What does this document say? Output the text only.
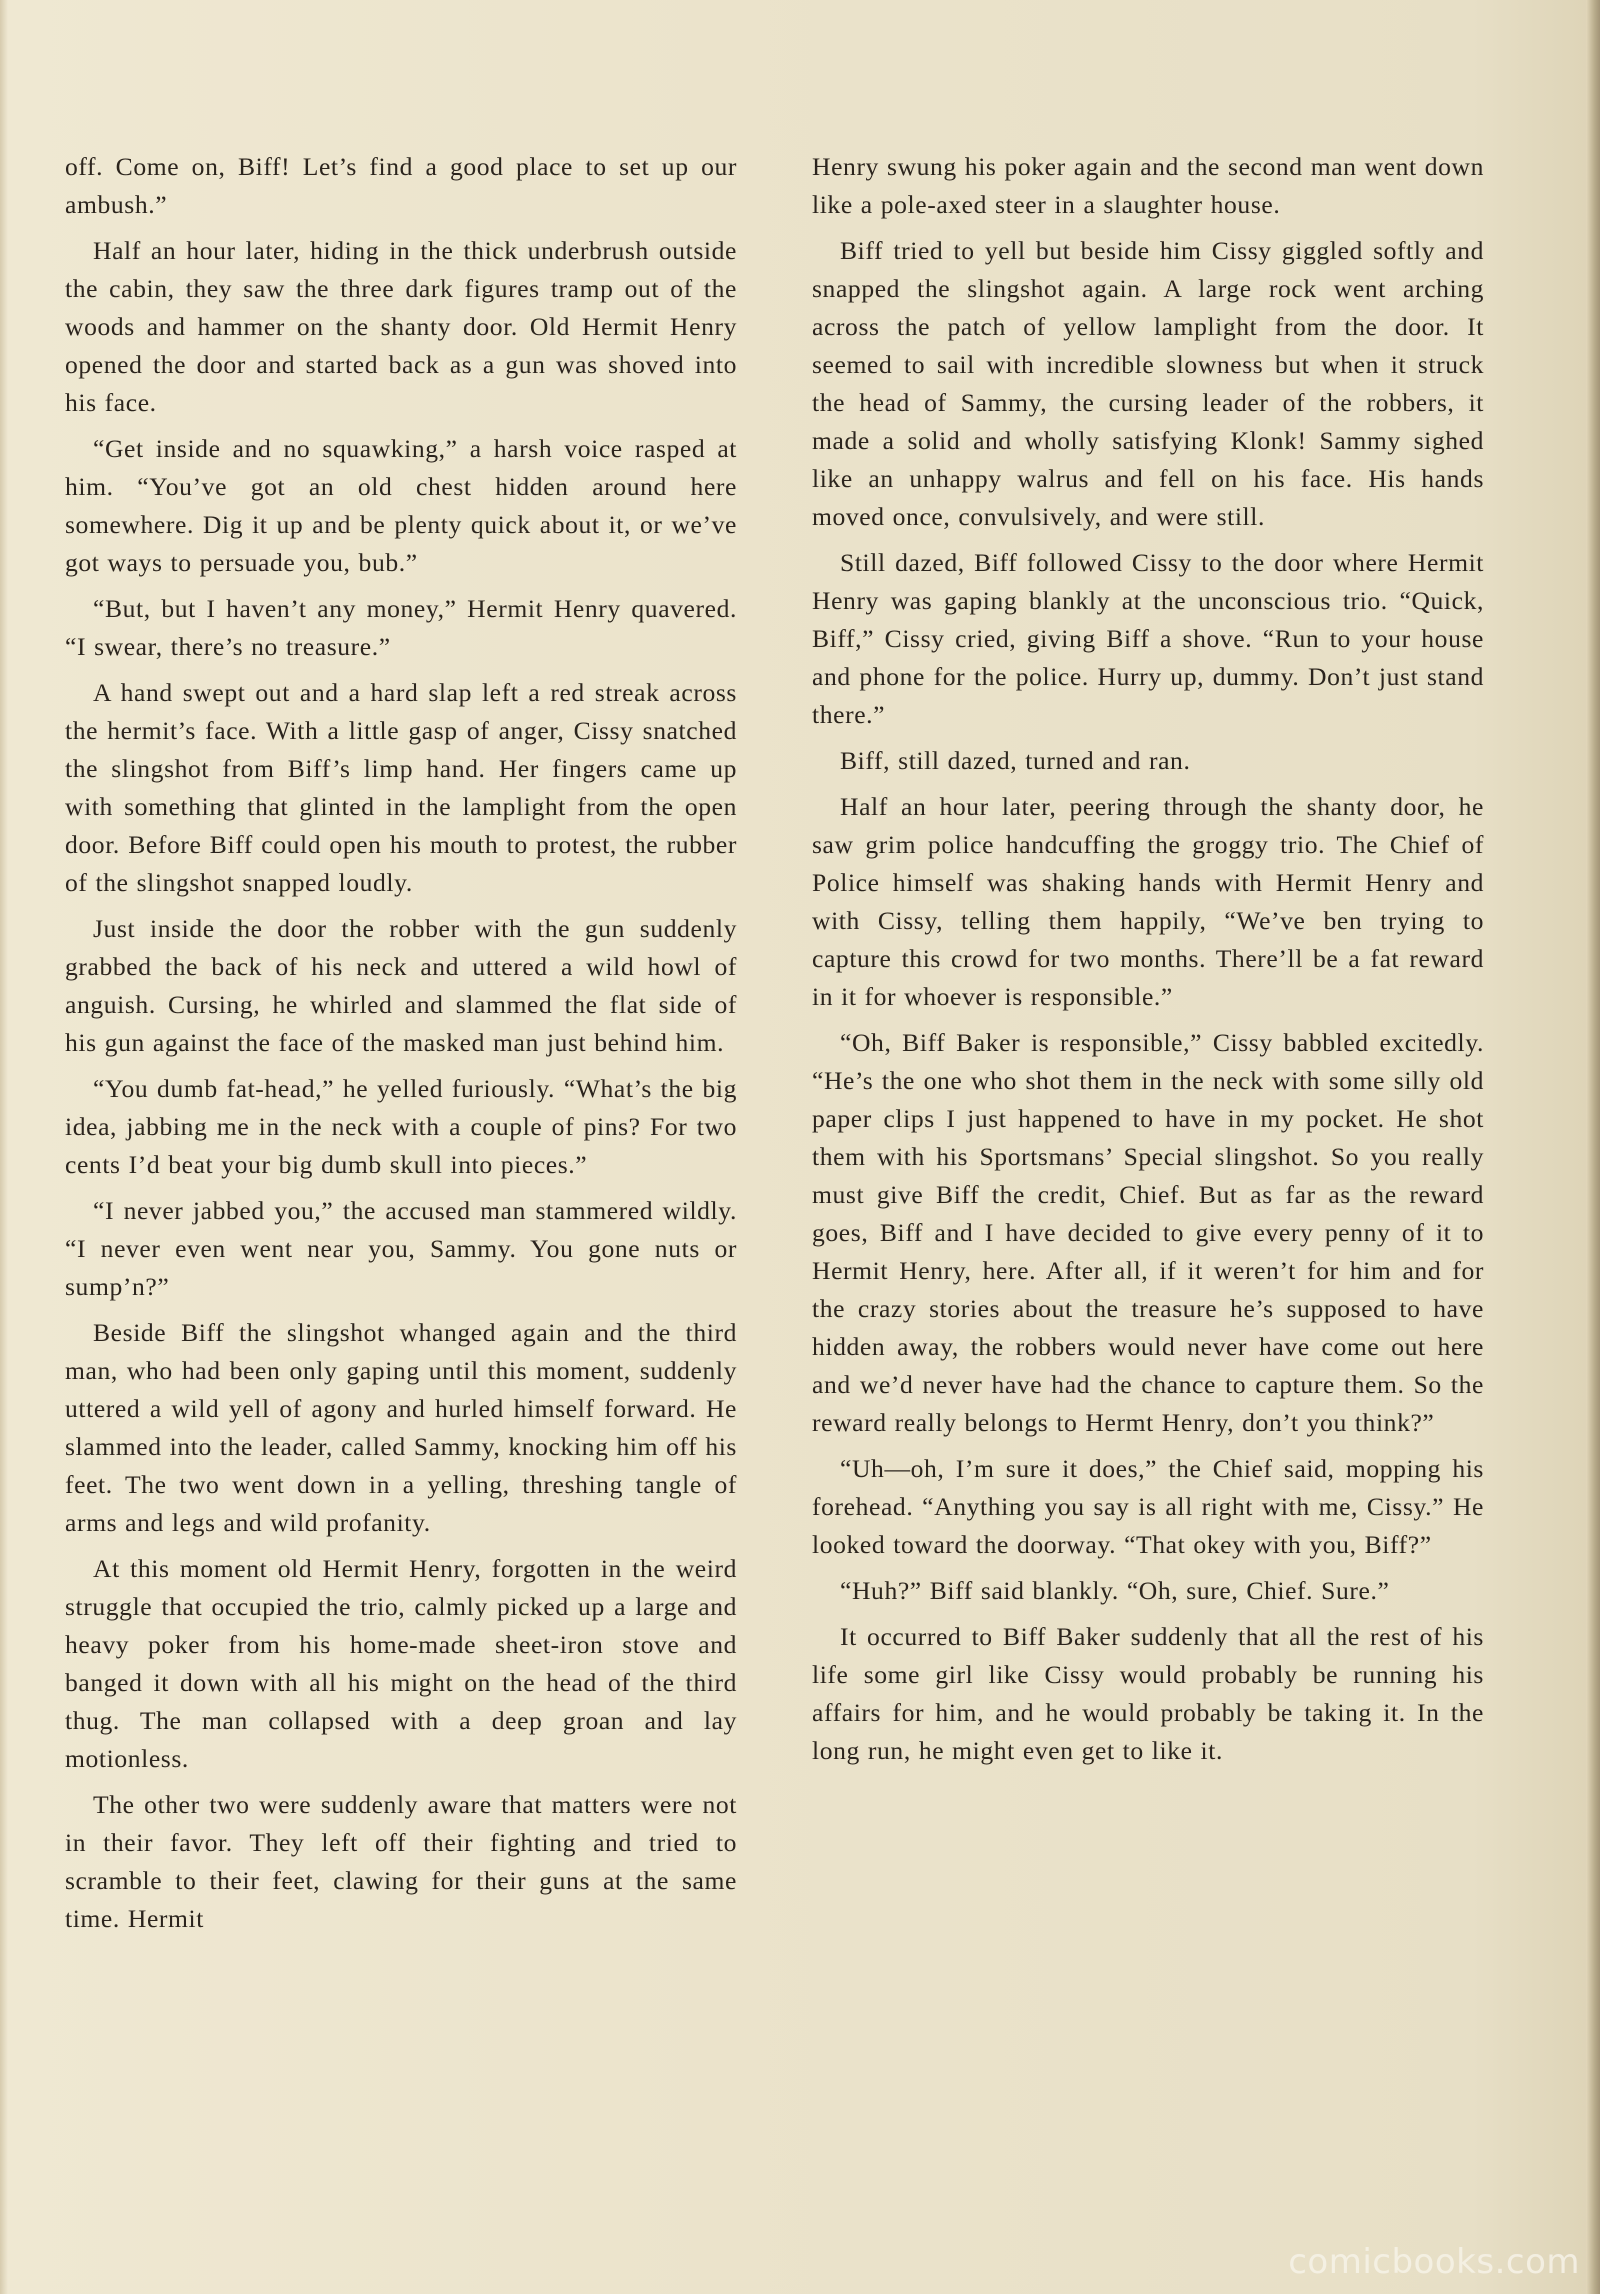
off. Come on, Biff! Let’s find a good place to set up our ambush.”

Half an hour later, hiding in the thick underbrush outside the cabin, they saw the three dark figures tramp out of the woods and hammer on the shanty door. Old Hermit Henry opened the door and started back as a gun was shoved into his face.

“Get inside and no squawking,” a harsh voice rasped at him. “You’ve got an old chest hidden around here somewhere. Dig it up and be plenty quick about it, or we’ve got ways to persuade you, bub.”

“But, but I haven’t any money,” Hermit Henry quavered. “I swear, there’s no treasure.”

A hand swept out and a hard slap left a red streak across the hermit’s face. With a little gasp of anger, Cissy snatched the slingshot from Biff’s limp hand. Her fingers came up with something that glinted in the lamplight from the open door. Before Biff could open his mouth to protest, the rubber of the slingshot snapped loudly.

Just inside the door the robber with the gun suddenly grabbed the back of his neck and uttered a wild howl of anguish. Cursing, he whirled and slammed the flat side of his gun against the face of the masked man just behind him.

“You dumb fat-head,” he yelled furiously. “What’s the big idea, jabbing me in the neck with a couple of pins? For two cents I’d beat your big dumb skull into pieces.”

“I never jabbed you,” the accused man stammered wildly. “I never even went near you, Sammy. You gone nuts or sump’n?”

Beside Biff the slingshot whanged again and the third man, who had been only gaping until this moment, suddenly uttered a wild yell of agony and hurled himself forward. He slammed into the leader, called Sammy, knocking him off his feet. The two went down in a yelling, threshing tangle of arms and legs and wild profanity.

At this moment old Hermit Henry, forgotten in the weird struggle that occupied the trio, calmly picked up a large and heavy poker from his home-made sheet-iron stove and banged it down with all his might on the head of the third thug. The man collapsed with a deep groan and lay motionless.

The other two were suddenly aware that matters were not in their favor. They left off their fighting and tried to scramble to their feet, clawing for their guns at the same time. Hermit

Henry swung his poker again and the second man went down like a pole-axed steer in a slaughter house.

Biff tried to yell but beside him Cissy giggled softly and snapped the slingshot again. A large rock went arching across the patch of yellow lamplight from the door. It seemed to sail with incredible slowness but when it struck the head of Sammy, the cursing leader of the robbers, it made a solid and wholly satisfying Klonk! Sammy sighed like an unhappy walrus and fell on his face. His hands moved once, convulsively, and were still.

Still dazed, Biff followed Cissy to the door where Hermit Henry was gaping blankly at the unconscious trio. “Quick, Biff,” Cissy cried, giving Biff a shove. “Run to your house and phone for the police. Hurry up, dummy. Don’t just stand there.”

Biff, still dazed, turned and ran.

Half an hour later, peering through the shanty door, he saw grim police handcuffing the groggy trio. The Chief of Police himself was shaking hands with Hermit Henry and with Cissy, telling them happily, “We’ve ben trying to capture this crowd for two months. There’ll be a fat reward in it for whoever is responsible.”

“Oh, Biff Baker is responsible,” Cissy babbled excitedly. “He’s the one who shot them in the neck with some silly old paper clips I just happened to have in my pocket. He shot them with his Sportsmans’ Special slingshot. So you really must give Biff the credit, Chief. But as far as the reward goes, Biff and I have decided to give every penny of it to Hermit Henry, here. After all, if it weren’t for him and for the crazy stories about the treasure he’s supposed to have hidden away, the robbers would never have come out here and we’d never have had the chance to capture them. So the reward really belongs to Hermt Henry, don’t you think?”

“Uh—oh, I’m sure it does,” the Chief said, mopping his forehead. “Anything you say is all right with me, Cissy.” He looked toward the doorway. “That okey with you, Biff?”

“Huh?” Biff said blankly. “Oh, sure, Chief. Sure.”

It occurred to Biff Baker suddenly that all the rest of his life some girl like Cissy would probably be running his affairs for him, and he would probably be taking it. In the long run, he might even get to like it.

comicbooks.com
